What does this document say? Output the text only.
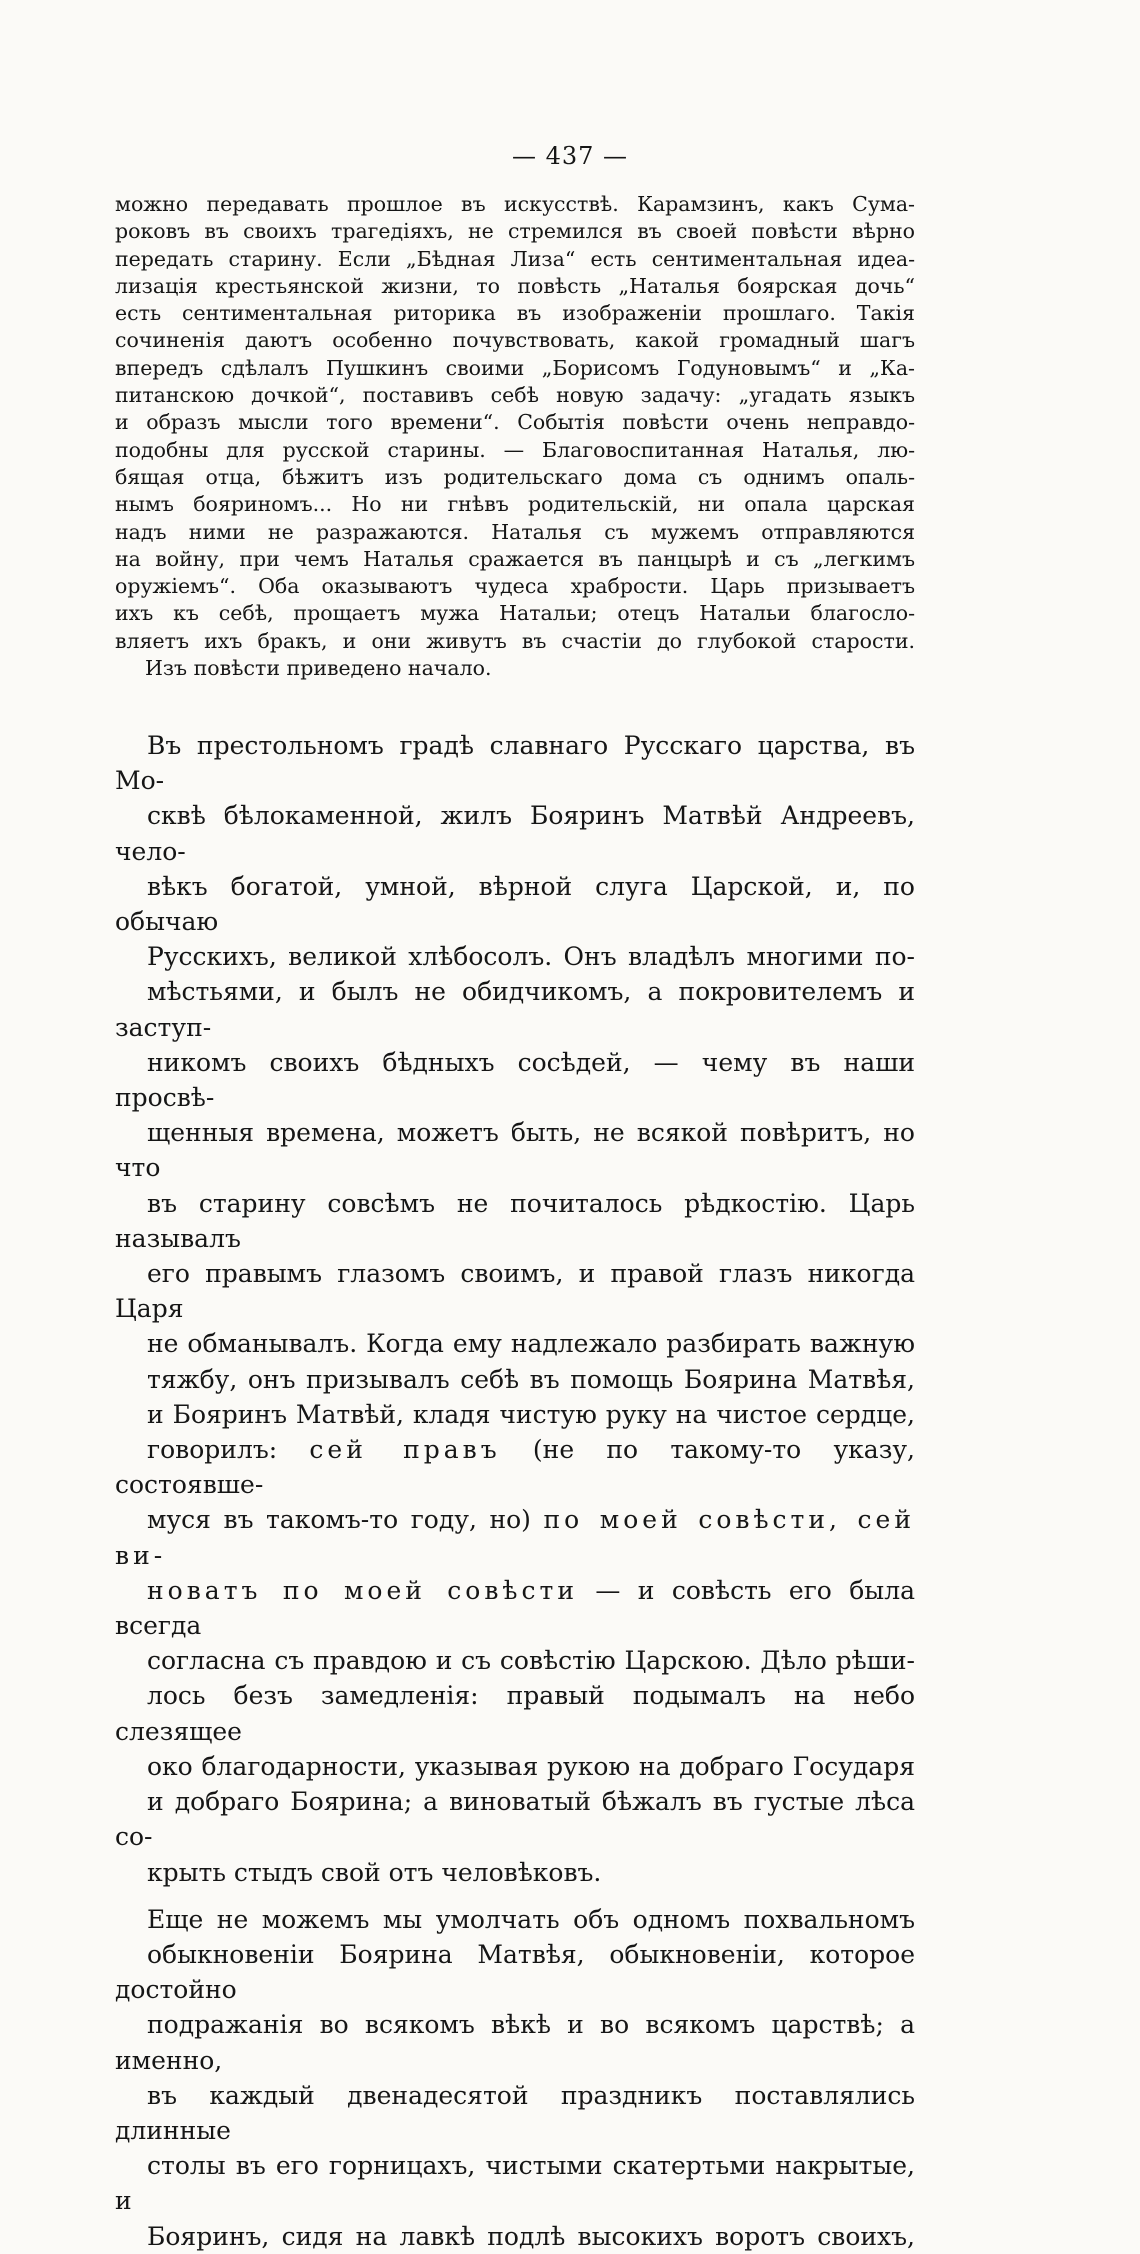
— 437 —

можно передавать прошлое въ искусствѣ. Карамзинъ, какъ Сума-
роковъ въ своихъ трагедіяхъ, не стремился въ своей повѣсти вѣрно
передать старину. Если „Бѣдная Лиза“ есть сентиментальная идеа-
лизація крестьянской жизни, то повѣсть „Наталья боярская дочь“
есть сентиментальная риторика въ изображеніи прошлаго. Такія
сочиненія даютъ особенно почувствовать, какой громадный шагъ
впередъ сдѣлалъ Пушкинъ своими „Борисомъ Годуновымъ“ и „Ка-
питанскою дочкой“, поставивъ себѣ новую задачу: „угадать языкъ
и образъ мысли того времени“. Событія повѣсти очень неправдо-
подобны для русской старины. — Благовоспитанная Наталья, лю-
бящая отца, бѣжитъ изъ родительскаго дома съ однимъ опаль-
нымъ бояриномъ... Но ни гнѣвъ родительскій, ни опала царская
надъ ними не разражаются. Наталья съ мужемъ отправляются
на войну, при чемъ Наталья сражается въ панцырѣ и съ „легкимъ
оружіемъ“. Оба оказываютъ чудеса храбрости. Царь призываетъ
ихъ къ себѣ, прощаетъ мужа Натальи; отецъ Натальи благосло-
вляетъ ихъ бракъ, и они живутъ въ счастіи до глубокой старости.

Изъ повѣсти приведено начало.

Въ престольномъ градѣ славнаго Русскаго царства, въ Мо-
сквѣ бѣлокаменной, жилъ Бояринъ Матвѣй Андреевъ, чело-
вѣкъ богатой, умной, вѣрной слуга Царской, и, по обычаю
Русскихъ, великой хлѣбосолъ. Онъ владѣлъ многими по-
мѣстьями, и былъ не обидчикомъ, а покровителемъ и заступ-
никомъ своихъ бѣдныхъ сосѣдей, — чему въ наши просвѣ-
щенныя времена, можетъ быть, не всякой повѣритъ, но что
въ старину совсѣмъ не почиталось рѣдкостію. Царь называлъ
его правымъ глазомъ своимъ, и правой глазъ никогда Царя
не обманывалъ. Когда ему надлежало разбирать важную
тяжбу, онъ призывалъ себѣ въ помощь Боярина Матвѣя,
и Бояринъ Матвѣй, кладя чистую руку на чистое сердце,
говорилъ: сей правъ (не по такому-то указу, состоявше-
муся въ такомъ-то году, но) по моей совѣсти, сей ви-
новатъ по моей совѣсти — и совѣсть его была всегда
согласна съ правдою и съ совѣстію Царскою. Дѣло рѣши-
лось безъ замедленія: правый подымалъ на небо слезящее
око благодарности, указывая рукою на добраго Государя
и добраго Боярина; а виноватый бѣжалъ въ густые лѣса со-
крыть стыдъ свой отъ человѣковъ.

Еще не можемъ мы умолчать объ одномъ похвальномъ
обыкновеніи Боярина Матвѣя, обыкновеніи, которое достойно
подражанія во всякомъ вѣкѣ и во всякомъ царствѣ; а именно,
въ каждый двенадесятой праздникъ поставлялись длинные
столы въ его горницахъ, чистыми скатертьми накрытые, и
Бояринъ, сидя на лавкѣ подлѣ высокихъ воротъ своихъ,
